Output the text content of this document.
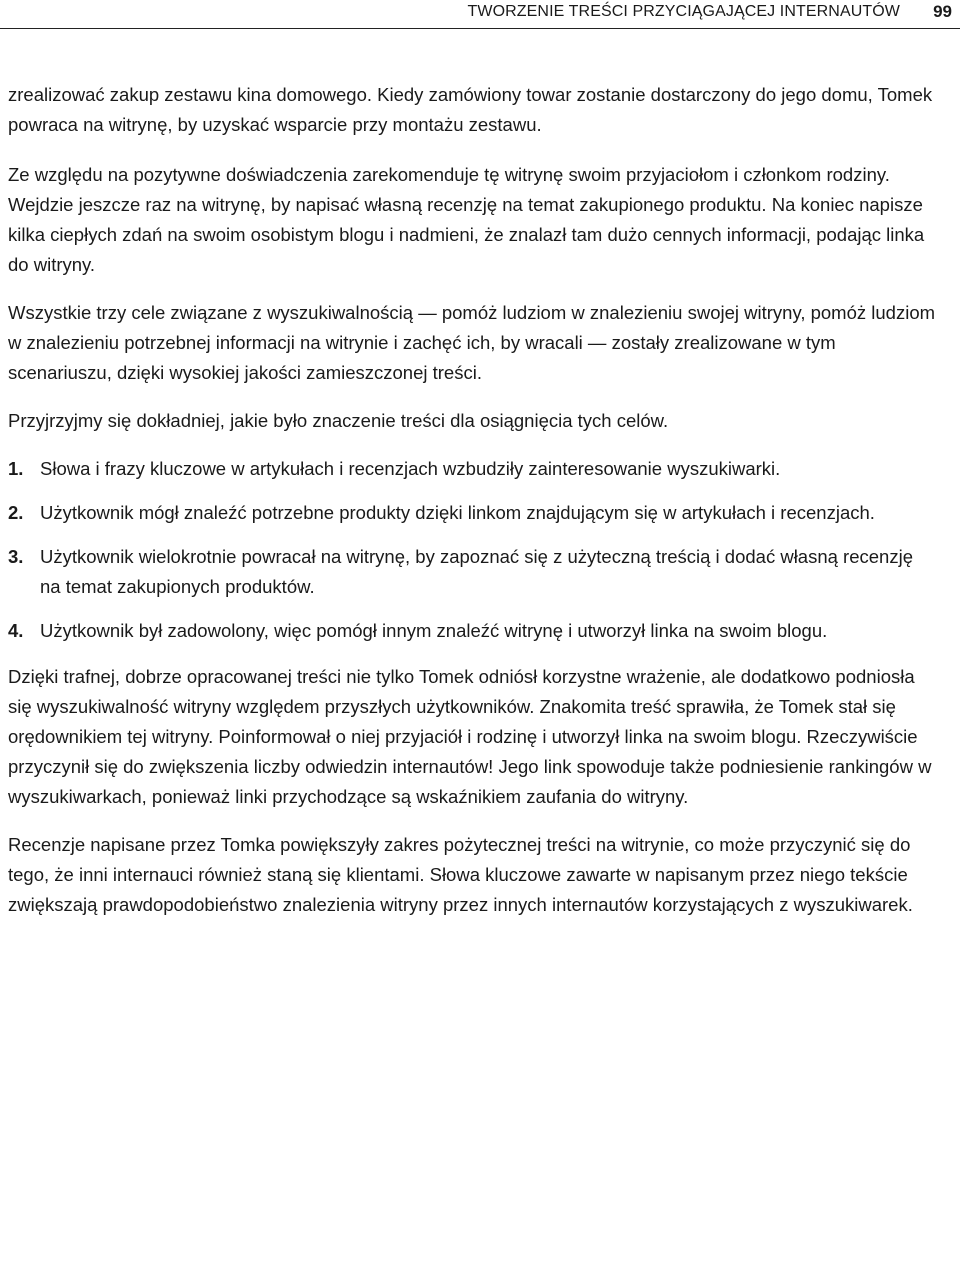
TWORZENIE TREŚCI PRZYCIĄGAJĄCEJ INTERNAUTÓW 99

zrealizować zakup zestawu kina domowego. Kiedy zamówiony towar zostanie dostarczony do jego domu, Tomek powraca na witrynę, by uzyskać wsparcie przy montażu zestawu.

Ze względu na pozytywne doświadczenia zarekomenduje tę witrynę swoim przyjaciołom i członkom rodziny. Wejdzie jeszcze raz na witrynę, by napisać własną recenzję na temat zakupionego produktu. Na koniec napisze kilka ciepłych zdań na swoim osobistym blogu i nadmieni, że znalazł tam dużo cennych informacji, podając linka do witryny.

Wszystkie trzy cele związane z wyszukiwalnością — pomóż ludziom w znalezieniu swojej witryny, pomóż ludziom w znalezieniu potrzebnej informacji na witrynie i zachęć ich, by wracali — zostały zrealizowane w tym scenariuszu, dzięki wysokiej jakości zamieszczonej treści.

Przyjrzyjmy się dokładniej, jakie było znaczenie treści dla osiągnięcia tych celów.

1. Słowa i frazy kluczowe w artykułach i recenzjach wzbudziły zainteresowanie wyszukiwarki.
2. Użytkownik mógł znaleźć potrzebne produkty dzięki linkom znajdującym się w artykułach i recenzjach.
3. Użytkownik wielokrotnie powracał na witrynę, by zapoznać się z użyteczną treścią i dodać własną recenzję na temat zakupionych produktów.
4. Użytkownik był zadowolony, więc pomógł innym znaleźć witrynę i utworzył linka na swoim blogu.

Dzięki trafnej, dobrze opracowanej treści nie tylko Tomek odniósł korzystne wrażenie, ale dodatkowo podniosła się wyszukiwalność witryny względem przyszłych użytkowników. Znakomita treść sprawiła, że Tomek stał się orędownikiem tej witryny. Poinformował o niej przyjaciół i rodzinę i utworzył linka na swoim blogu. Rzeczywiście przyczynił się do zwiększenia liczby odwiedzin internautów! Jego link spowoduje także podniesienie rankingów w wyszukiwarkach, ponieważ linki przychodzące są wskaźnikiem zaufania do witryny.

Recenzje napisane przez Tomka powiększyły zakres pożytecznej treści na witrynie, co może przyczynić się do tego, że inni internauci również staną się klientami. Słowa kluczowe zawarte w napisanym przez niego tekście zwiększają prawdopodobieństwo znalezienia witryny przez innych internautów korzystających z wyszukiwarek.
